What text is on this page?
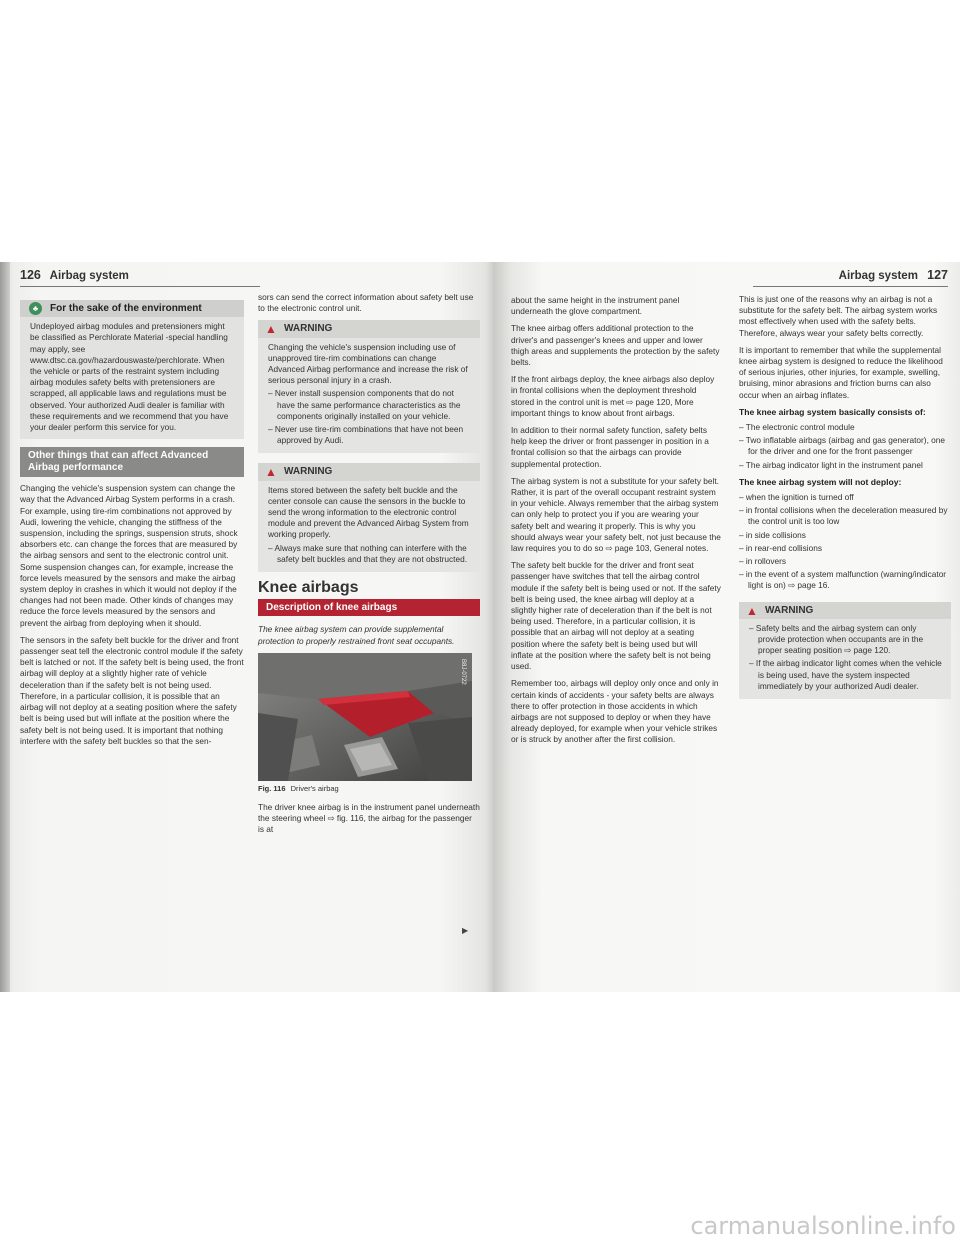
126 Airbag system
♣	For the sake of the environment
Undeployed airbag modules and pretensioners might be classified as Perchlorate Material -special handling may apply, see www.dtsc.ca.gov/hazardouswaste/perchlorate. When the vehicle or parts of the restraint system including airbag modules safety belts with pretensioners are scrapped, all applicable laws and regulations must be observed. Your authorized Audi dealer is familiar with these requirements and we recommend that you have your dealer perform this service for you.
Other things that can affect Advanced Airbag performance

Changing the vehicle's suspension system can change the way that the Advanced Airbag System performs in a crash. For example, using tire-rim combinations not approved by Audi, lowering the vehicle, changing the stiffness of the suspension, including the springs, suspension struts, shock absorbers etc. can change the forces that are measured by the airbag sensors and sent to the electronic control unit. Some suspension changes can, for example, increase the force levels measured by the sensors and make the airbag system deploy in crashes in which it would not deploy if the changes had not been made. Other kinds of changes may reduce the force levels measured by the sensors and prevent the airbag from deploying when it should.

The sensors in the safety belt buckle for the driver and front passenger seat tell the electronic control module if the safety belt is latched or not. If the safety belt is being used, the front airbag will deploy at a slightly higher rate of vehicle deceleration than if the safety belt is not being used. Therefore, in a particular collision, it is possible that an airbag will not deploy at a seating position where the safety belt is being used but will inflate at the position where the safety belt is not being used. It is important that nothing interfere with the safety belt buckles so that the sen-

sors can send the correct information about safety belt use to the electronic control unit.

▲ WARNING

Changing the vehicle's suspension including use of unapproved tire-rim combinations can change Advanced Airbag performance and increase the risk of serious personal injury in a crash.

– Never install suspension components that do not have the same performance characteristics as the components originally installed on your vehicle.

– Never use tire-rim combinations that have not been approved by Audi.

▲ WARNING

Items stored between the safety belt buckle and the center console can cause the sensors in the buckle to send the wrong information to the electronic control module and prevent the Advanced Airbag System from working properly.

– Always make sure that nothing can interfere with the safety belt buckles and that they are not obstructed.

Knee airbags
Description of knee airbags

The knee airbag system can provide supplemental protection to properly restrained front seat occupants.

B8J-0722
Fig. 116 Driver's airbag

The driver knee airbag is in the instrument panel underneath the steering wheel ⇨ fig. 116, the airbag for the passenger is at

▶
Airbag system 127

about the same height in the instrument panel underneath the glove compartment.

The knee airbag offers additional protection to the driver's and passenger's knees and upper and lower thigh areas and supplements the protection by the safety belts.

If the front airbags deploy, the knee airbags also deploy in frontal collisions when the deployment threshold stored in the control unit is met ⇨ page 120, More important things to know about front airbags.

In addition to their normal safety function, safety belts help keep the driver or front passenger in position in a frontal collision so that the airbags can provide supplemental protection.

The airbag system is not a substitute for your safety belt. Rather, it is part of the overall occupant restraint system in your vehicle. Always remember that the airbag system can only help to protect you if you are wearing your safety belt and wearing it properly. This is why you should always wear your safety belt, not just because the law requires you to do so ⇨ page 103, General notes.

The safety belt buckle for the driver and front seat passenger have switches that tell the airbag control module if the safety belt is being used or not. If the safety belt is being used, the knee airbag will deploy at a slightly higher rate of deceleration than if the belt is not being used. Therefore, in a particular collision, it is possible that an airbag will not deploy at a seating position where the safety belt is being used but will inflate at the position where the safety belt is not being used.

Remember too, airbags will deploy only once and only in certain kinds of accidents - your safety belts are always there to offer protection in those accidents in which airbags are not supposed to deploy or when they have already deployed, for example when your vehicle strikes or is struck by another after the first collision.

This is just one of the reasons why an airbag is not a substitute for the safety belt. The airbag system works most effectively when used with the safety belts. Therefore, always wear your safety belts correctly.

It is important to remember that while the supplemental knee airbag system is designed to reduce the likelihood of serious injuries, other injuries, for example, swelling, bruising, minor abrasions and friction burns can also occur when an airbag inflates.

The knee airbag system basically consists of:

– The electronic control module

– Two inflatable airbags (airbag and gas generator), one for the driver and one for the front passenger

– The airbag indicator light in the instrument panel

The knee airbag system will not deploy:

– when the ignition is turned off

– in frontal collisions when the deceleration measured by the control unit is too low

– in side collisions

– in rear-end collisions

– in rollovers

– in the event of a system malfunction (warning/indicator light is on) ⇨ page 16.

▲ WARNING

– Safety belts and the airbag system can only provide protection when occupants are in the proper seating position ⇨ page 120.

– If the airbag indicator light comes when the vehicle is being used, have the system inspected immediately by your authorized Audi dealer.

carmanualsonline.info
